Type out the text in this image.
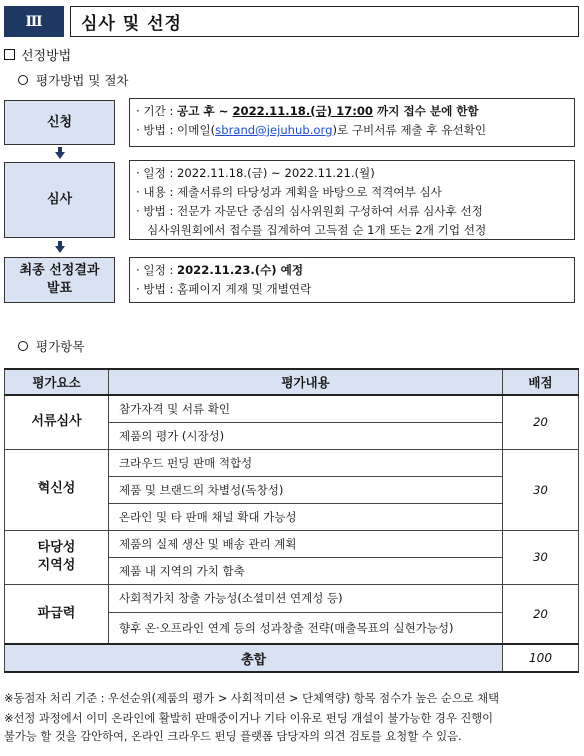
Ⅲ	심사 및 선정
선정방법
평가방법 및 절차
신청
· 기간 : 공고 후 ~ 2022.11.18.(금) 17:00 까지 접수 분에 한함
· 방법 : 이메일(sbrand@jejuhub.org)로 구비서류 제출 후 유선확인
심사
· 일정 : 2022.11.18.(금) ~ 2022.11.21.(월)
· 내용 : 제출서류의 타당성과 계획을 바탕으로 적격여부 심사
· 방법 : 전문가 자문단 중심의 심사위원회 구성하여 서류 심사후 선정
심사위원회에서 접수를 집계하여 고득점 순 1개 또는 2개 기업 선정
최종 선정결과
발표
· 일정 : 2022.11.23.(수) 예정
· 방법 : 홈페이지 게재 및 개별연락
평가항목
평가요소	평가내용	배점
서류심사	참가자격 및 서류 확인	20
	제품의 평가 (시장성)	
혁신성	크라우드 펀딩 판매 적합성	30
	제품 및 브랜드의 차별성(독창성)	
	온라인 및 타 판매 채널 확대 가능성	

타당성
지역성	제품의 실제 생산 및 배송 관리 계획	30
	제품 내 지역의 가치 함축	
파급력	사회적가치 창출 가능성(소셜미션 연계성 등)	20
	향후 온·오프라인 연계 등의 성과창출 전략(매출목표의 실현가능성)	
총합		100
※동점자 처리 기준 : 우선순위(제품의 평가 > 사회적미션 > 단체역량) 항목 점수가 높은 순으로 채택
※선정 과정에서 이미 온라인에 활발히 판매중이거나 기타 이유로 펀딩 개설이 불가능한 경우 진행이
불가능 할 것을 감안하여, 온라인 크라우드 펀딩 플랫폼 담당자의 의견 검토를 요청할 수 있음.
